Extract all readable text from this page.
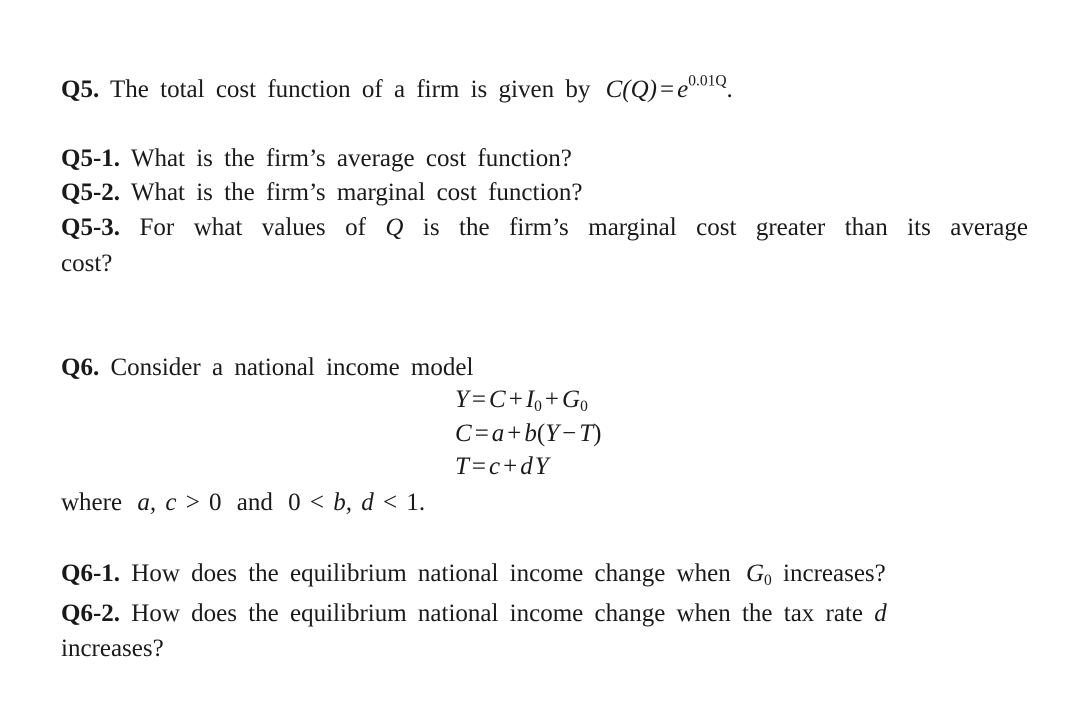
Q5. The total cost function of a firm is given by $C(Q) = e^{0.01Q}$.
Q5-1. What is the firm’s average cost function?
Q5-2. What is the firm’s marginal cost function?
Q5-3. For what values of Q is the firm’s marginal cost greater than its average
cost?
Q6. Consider a national income model
$Y = C + I_0 + G_0$
C = a + b(Y − T)
T = c + dY
where a, c > 0 and 0 < b, d < 1.
Q6-1. How does the equilibrium national income change when $G_0$ increases?
Q6-2. How does the equilibrium national income change when the tax rate d
increases?
